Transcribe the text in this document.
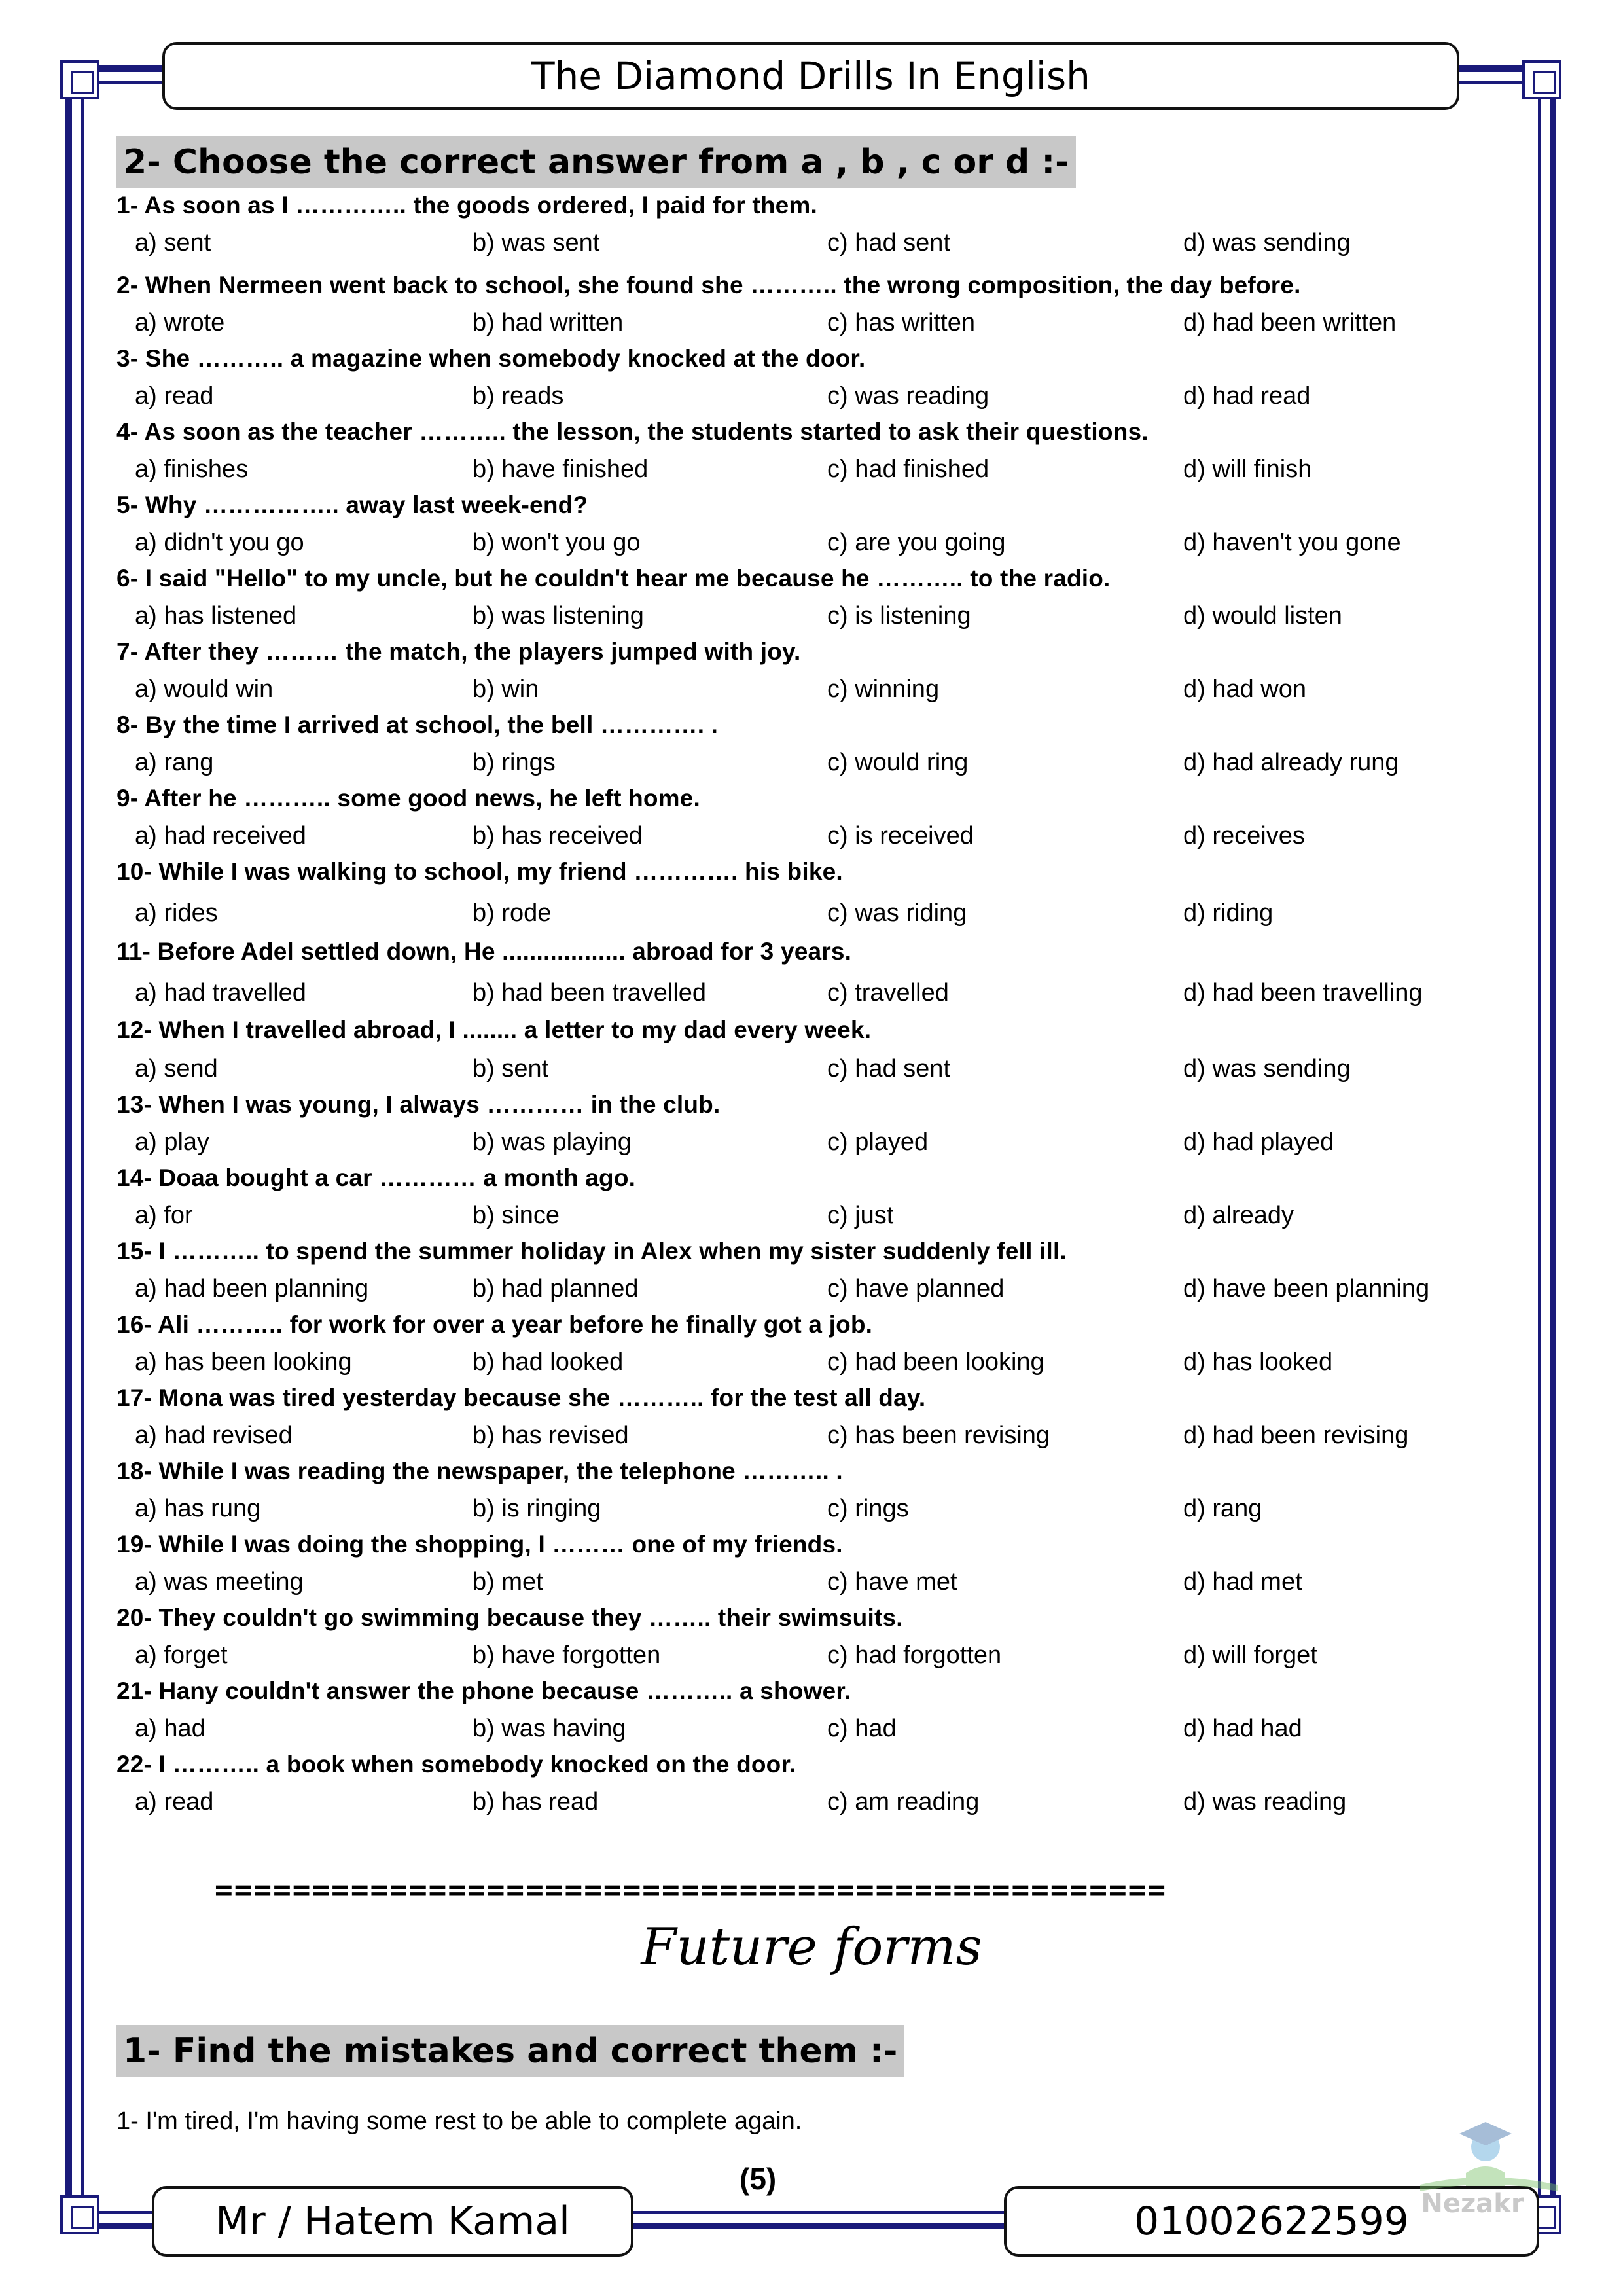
The Diamond Drills In English
2- Choose the correct answer from a , b , c or d :-
1- As soon as I ………….. the goods ordered, I paid for them.
a) sent	b) was sent	c) had sent	d) was sending
2- When Nermeen went back to school, she found she ……….. the wrong composition, the day before.
a) wrote	b) had written	c) has written	d) had been written
3- She ……….. a magazine when somebody knocked at the door.
a) read	b) reads	c) was reading	d) had read
4- As soon as the teacher ……….. the lesson, the students started to ask their questions.
a) finishes	b) have finished	c) had finished	d) will finish
5- Why …………….. away last week-end?
a) didn't you go	b) won't you go	c) are you going	d) haven't you gone
6- I said "Hello" to my uncle, but he couldn't hear me because he ……….. to the radio.
a) has listened	b) was listening	c) is listening	d) would listen
7- After they ……… the match, the players jumped with joy.
a) would win	b) win	c) winning	d) had won
8- By the time I arrived at school, the bell …………. .
a) rang	b) rings	c) would ring	d) had already rung
9- After he ……….. some good news, he left home.
a) had received	b) has received	c) is received	d) receives
10- While I was walking to school, my friend …………. his bike.
a) rides	b) rode	c) was riding	d) riding
11- Before Adel settled down, He .................. abroad for 3 years.
a) had travelled	b) had been travelled	c) travelled	d) had been travelling
12- When I travelled abroad, I ........ a letter to my dad every week.
a) send	b) sent	c) had sent	d) was sending
13- When I was young, I always ………… in the club.
a) play	b) was playing	c) played	d) had played
14- Doaa bought a car ………… a month ago.
a) for	b) since	c) just	d) already
15- I ……….. to spend the summer holiday in Alex when my sister suddenly fell ill.
a) had been planning	b) had planned	c) have planned	d) have been planning
16- Ali ……….. for work for over a year before he finally got a job.
a) has been looking	b) had looked	c) had been looking	d) has looked
17- Mona was tired yesterday because she ……….. for the test all day.
a) had revised	b) has revised	c) has been revising	d) had been revising
18- While I was reading the newspaper, the telephone ……….. .
a) has rung	b) is ringing	c) rings	d) rang
19- While I was doing the shopping, I ……… one of my friends.
a) was meeting	b) met	c) have met	d) had met
20- They couldn't go swimming because they …….. their swimsuits.
a) forget	b) have forgotten	c) had forgotten	d) will forget
21- Hany couldn't answer the phone because ……….. a shower.
a) had	b) was having	c) had	d) had had
22- I ……….. a book when somebody knocked on the door.
a) read	b) has read	c) am reading	d) was reading
=================================================
Future forms
1- Find the mistakes and correct them :-
1- I'm tired, I'm having some rest to be able to complete again.
(5)
Mr / Hatem Kamal	01002622599 Nezakr
